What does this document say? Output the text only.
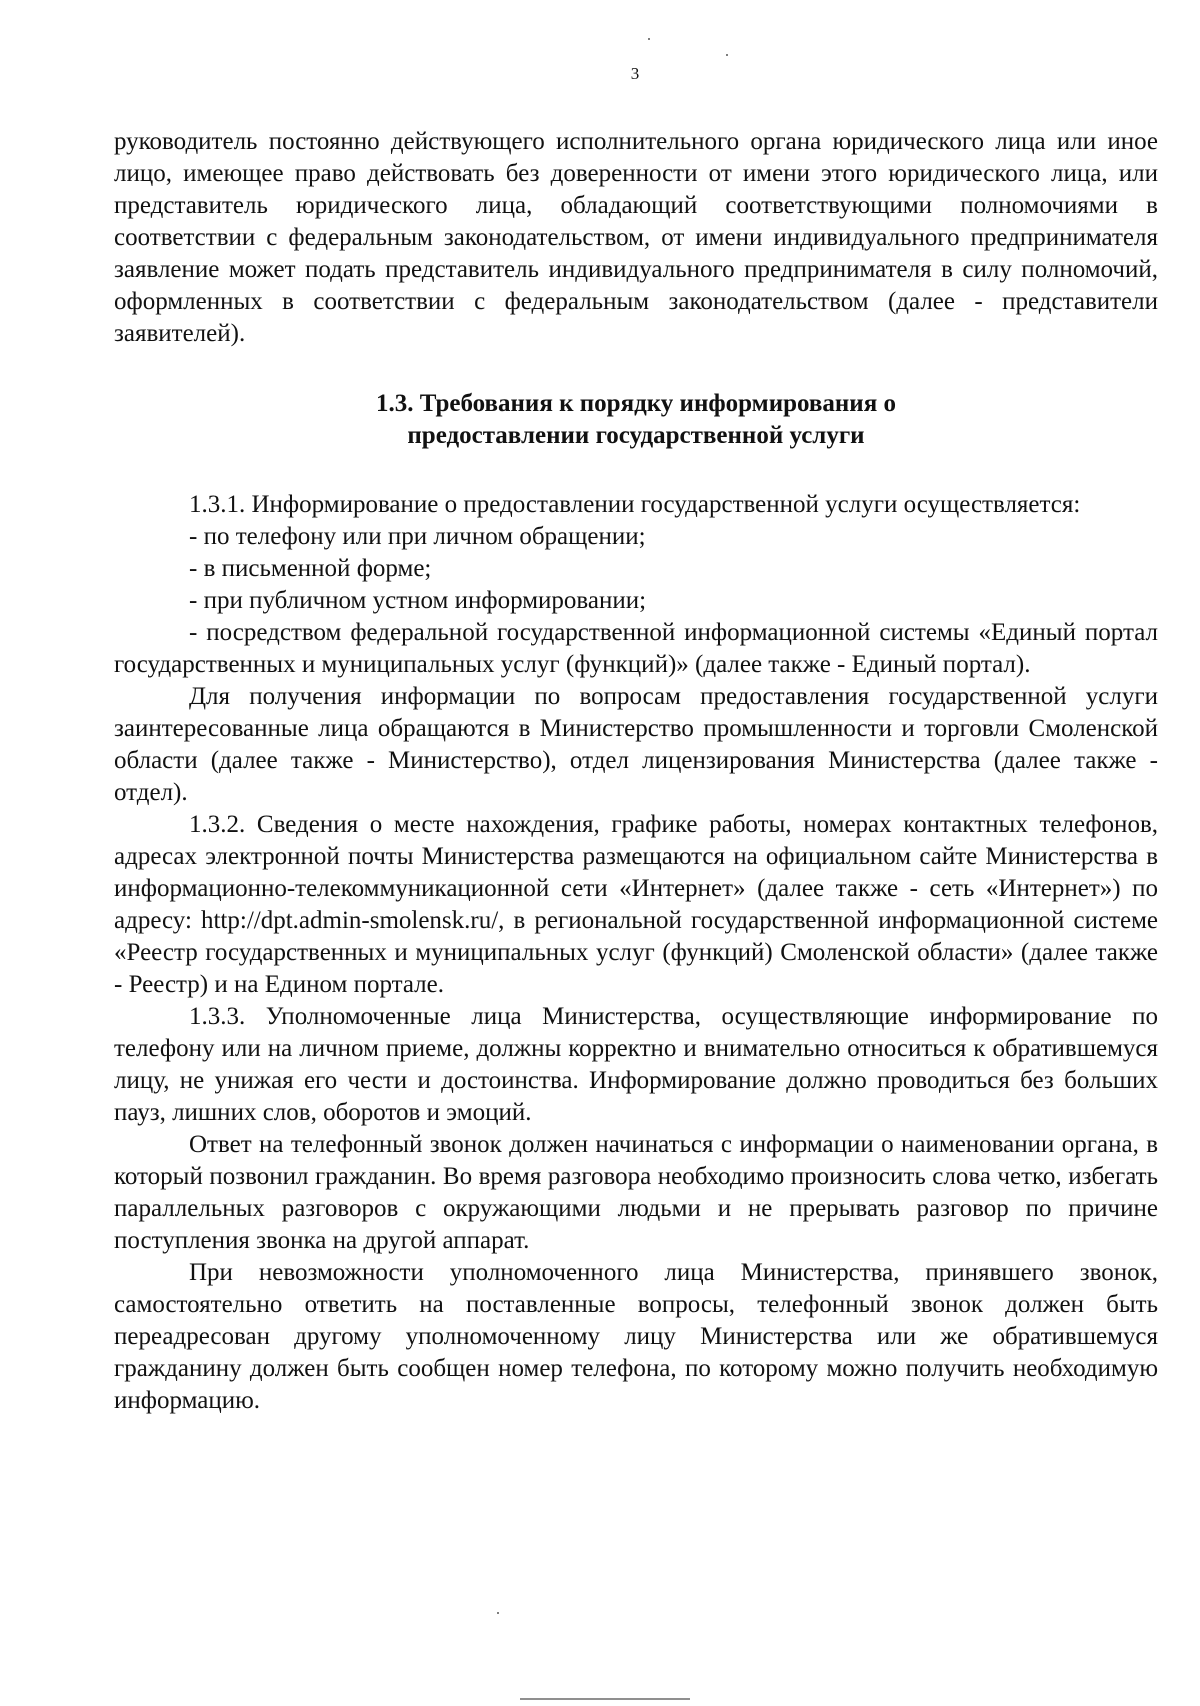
3

руководитель постоянно действующего исполнительного органа юридического лица или иное лицо, имеющее право действовать без доверенности от имени этого юридического лица, или представитель юридического лица, обладающий соответствующими полномочиями в соответствии с федеральным законодательством, от имени индивидуального предпринимателя заявление может подать представитель индивидуального предпринимателя в силу полномочий, оформленных в соответствии с федеральным законодательством (далее - представители заявителей).

1.3. Требования к порядку информирования о
предоставлении государственной услуги

1.3.1. Информирование о предоставлении государственной услуги осуществляется:

- по телефону или при личном обращении;

- в письменной форме;

- при публичном устном информировании;

- посредством федеральной государственной информационной системы «Единый портал государственных и муниципальных услуг (функций)» (далее также - Единый портал).

Для получения информации по вопросам предоставления государственной услуги заинтересованные лица обращаются в Министерство промышленности и торговли Смоленской области (далее также - Министерство), отдел лицензирования Министерства (далее также - отдел).

1.3.2. Сведения о месте нахождения, графике работы, номерах контактных телефонов, адресах электронной почты Министерства размещаются на официальном сайте Министерства в информационно-телекоммуникационной сети «Интернет» (далее также - сеть «Интернет») по адресу: http://dpt.admin-smolensk.ru/, в региональной государственной информационной системе «Реестр государственных и муниципальных услуг (функций) Смоленской области» (далее также - Реестр) и на Едином портале.

1.3.3. Уполномоченные лица Министерства, осуществляющие информирование по телефону или на личном приеме, должны корректно и внимательно относиться к обратившемуся лицу, не унижая его чести и достоинства. Информирование должно проводиться без больших пауз, лишних слов, оборотов и эмоций.

Ответ на телефонный звонок должен начинаться с информации о наименовании органа, в который позвонил гражданин. Во время разговора необходимо произносить слова четко, избегать параллельных разговоров с окружающими людьми и не прерывать разговор по причине поступления звонка на другой аппарат.

При невозможности уполномоченного лица Министерства, принявшего звонок, самостоятельно ответить на поставленные вопросы, телефонный звонок должен быть переадресован другому уполномоченному лицу Министерства или же обратившемуся гражданину должен быть сообщен номер телефона, по которому можно получить необходимую информацию.
